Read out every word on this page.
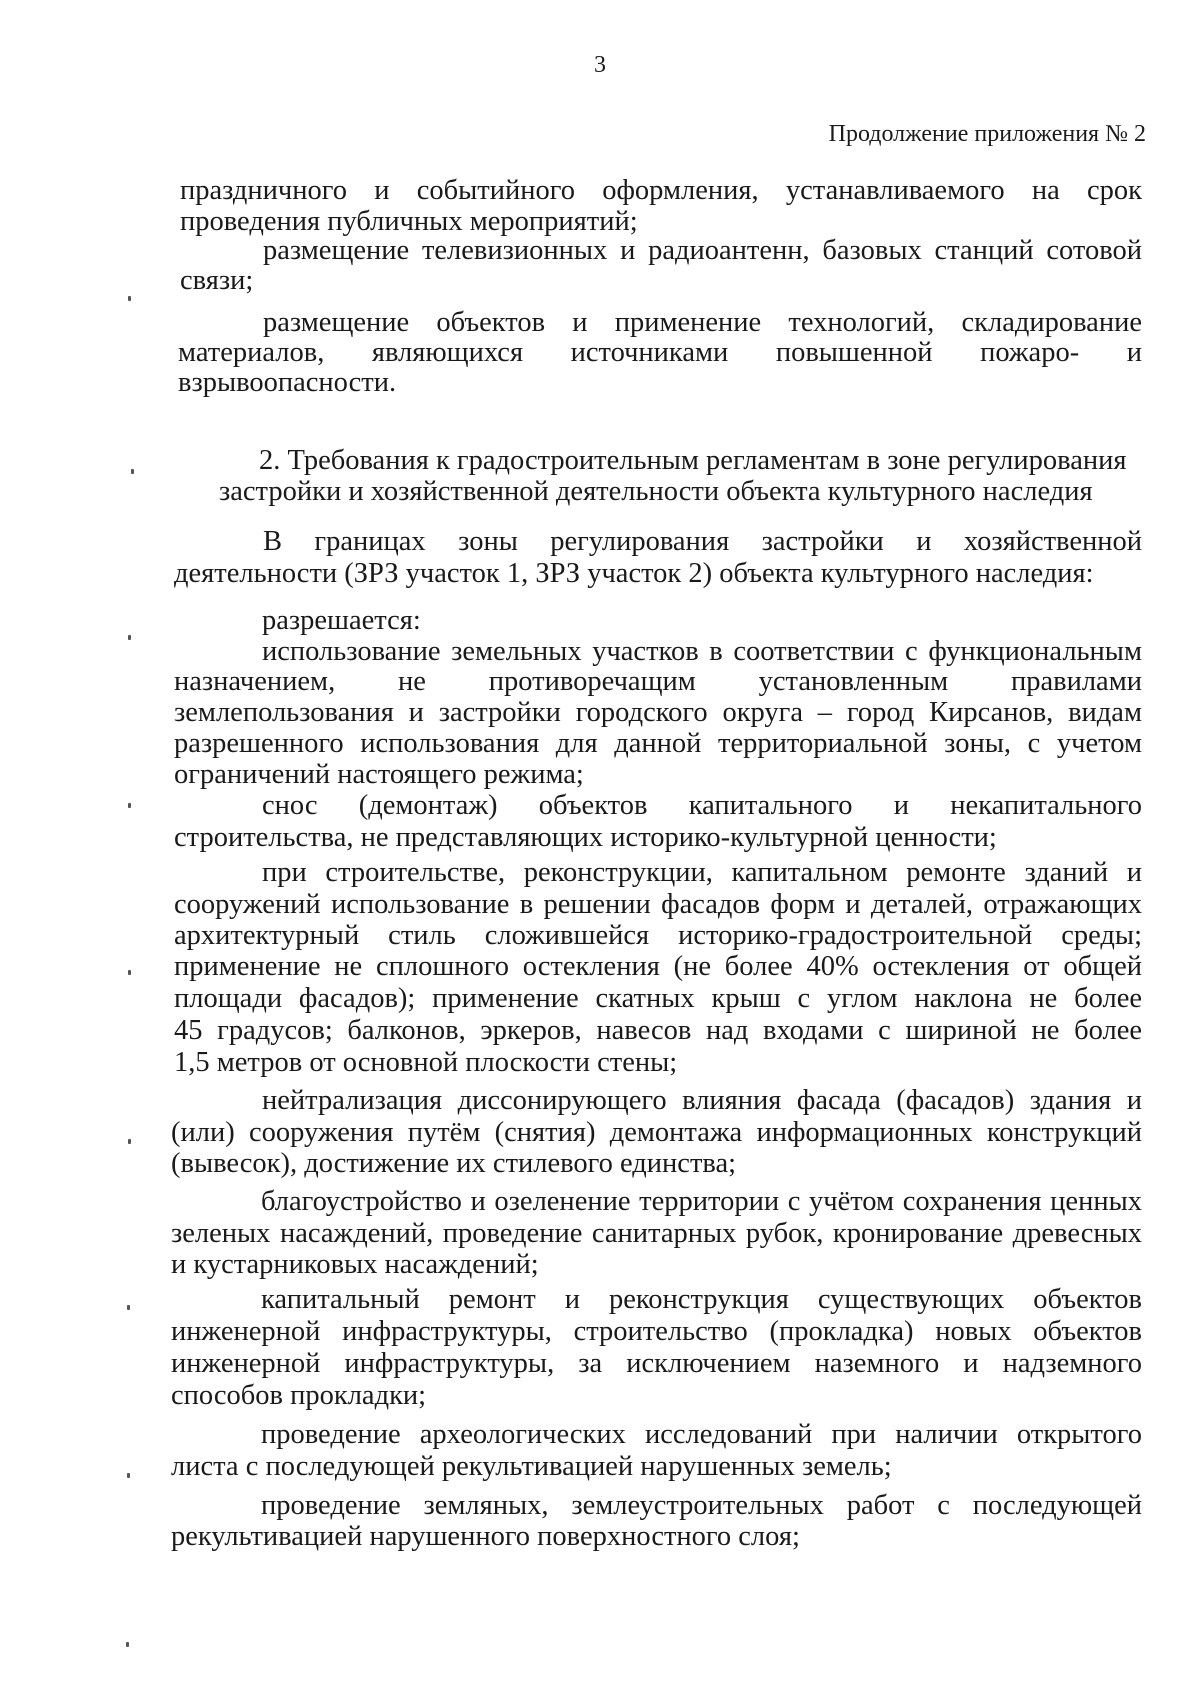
3
Продолжение приложения № 2
праздничного и событийного оформления, устанавливаемого на срок
проведения публичных мероприятий;
размещение телевизионных и радиоантенн, базовых станций сотовой
связи;
размещение объектов и применение технологий, складирование
материалов, являющихся источниками повышенной пожаро- и
взрывоопасности.
2. Требования к градостроительным регламентам в зоне регулирования
застройки и хозяйственной деятельности объекта культурного наследия
В границах зоны регулирования застройки и хозяйственной
деятельности (ЗРЗ участок 1, ЗРЗ участок 2) объекта культурного наследия:
разрешается:
использование земельных участков в соответствии с функциональным
назначением, не противоречащим установленным правилами
землепользования и застройки городского округа – город Кирсанов, видам
разрешенного использования для данной территориальной зоны, с учетом
ограничений настоящего режима;
снос (демонтаж) объектов капитального и некапитального
строительства, не представляющих историко-культурной ценности;
при строительстве, реконструкции, капитальном ремонте зданий и
сооружений использование в решении фасадов форм и деталей, отражающих
архитектурный стиль сложившейся историко-градостроительной среды;
применение не сплошного остекления (не более 40% остекления от общей
площади фасадов); применение скатных крыш с углом наклона не более
45 градусов; балконов, эркеров, навесов над входами с шириной не более
1,5 метров от основной плоскости стены;
нейтрализация диссонирующего влияния фасада (фасадов) здания и
(или) сооружения путём (снятия) демонтажа информационных конструкций
(вывесок), достижение их стилевого единства;
благоустройство и озеленение территории с учётом сохранения ценных
зеленых насаждений, проведение санитарных рубок, кронирование древесных
и кустарниковых насаждений;
капитальный ремонт и реконструкция существующих объектов
инженерной инфраструктуры, строительство (прокладка) новых объектов
инженерной инфраструктуры, за исключением наземного и надземного
способов прокладки;
проведение археологических исследований при наличии открытого
листа с последующей рекультивацией нарушенных земель;
проведение земляных, землеустроительных работ с последующей
рекультивацией нарушенного поверхностного слоя;
